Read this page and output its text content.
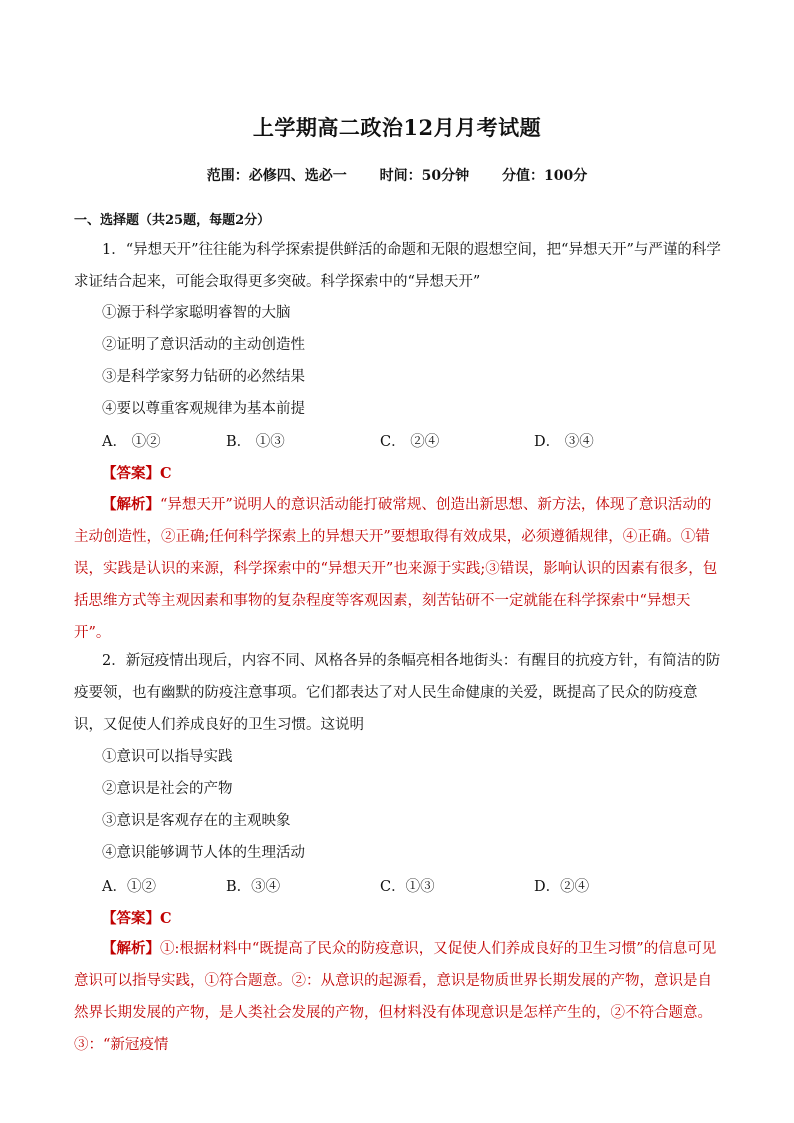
上学期高二政治12月月考试题
范围：必修四、选必一 时间：50分钟 分值：100分
一、选择题（共25题，每题2分）
1．“异想天开”往往能为科学探索提供鲜活的命题和无限的遐想空间，把“异想天开”与严谨的科学求证结合起来，可能会取得更多突破。科学探索中的“异想天开”
①源于科学家聪明睿智的大脑
②证明了意识活动的主动创造性
③是科学家努力钻研的必然结果
④要以尊重客观规律为基本前提
A． ①②	B． ①③	C． ②④	D． ③④
【答案】C
【解析】“异想天开”说明人的意识活动能打破常规、创造出新思想、新方法，体现了意识活动的主动创造性，②正确;任何科学探索上的异想天开”要想取得有效成果，必须遵循规律，④正确。①错误，实践是认识的来源，科学探索中的“异想天开”也来源于实践;③错误，影响认识的因素有很多，包括思维方式等主观因素和事物的复杂程度等客观因素，刻苦钻研不一定就能在科学探索中“异想天开”。
2．新冠疫情出现后，内容不同、风格各异的条幅亮相各地街头：有醒目的抗疫方针，有简洁的防疫要领，也有幽默的防疫注意事项。它们都表达了对人民生命健康的关爱，既提高了民众的防疫意识，又促使人们养成良好的卫生习惯。这说明
①意识可以指导实践
②意识是社会的产物
③意识是客观存在的主观映象
④意识能够调节人体的生理活动
A．①②	B．③④	C．①③	D．②④
【答案】C
【解析】①:根据材料中“既提高了民众的防疫意识，又促使人们养成良好的卫生习惯”的信息可见意识可以指导实践，①符合题意。②：从意识的起源看，意识是物质世界长期发展的产物，意识是自然界长期发展的产物，是人类社会发展的产物，但材料没有体现意识是怎样产生的，②不符合题意。③：“新冠疫情
